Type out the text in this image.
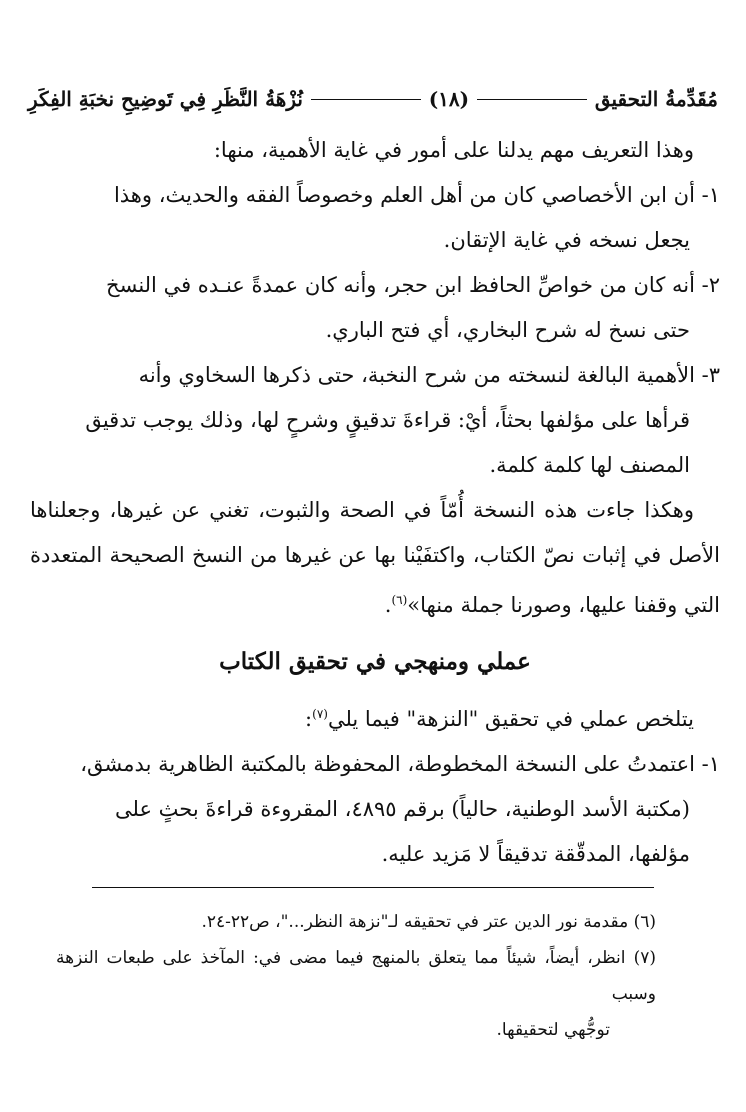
مُقَدِّمةُ التحقيق
(١٨)
نُزْهَةُ النَّظَرِ فِي تَوضِيحِ نخبَةِ الفِكَرِ

وهذا التعريف مهم يدلنا على أمور في غاية الأهمية، منها:

١- أن ابن الأخصاصي كان من أهل العلم وخصوصاً الفقه والحديث، وهذا

يجعل نسخه في غاية الإتقان.

٢- أنه كان من خواصِّ الحافظ ابن حجر، وأنه كان عمدةً عنـده في النسخ

حتى نسخ له شرح البخاري، أي فتح الباري.

٣- الأهمية البالغة لنسخته من شرح النخبة، حتى ذكرها السخاوي وأنه

قرأها على مؤلفها بحثاً، أيْ: قراءةَ تدقيقٍ وشرحٍ لها، وذلك يوجب تدقيق

المصنف لها كلمة كلمة.

وهكذا جاءت هذه النسخة أُمّاً في الصحة والثبوت، تغني عن غيرها، وجعلناها الأصل في إثبات نصّ الكتاب، واكتفَيْنا بها عن غيرها من النسخ الصحيحة المتعددة التي وقفنا عليها، وصورنا جملة منها»$^{(٦)}$.

عملي ومنهجي في تحقيق الكتاب

يتلخص عملي في تحقيق "النزهة" فيما يلي$^{(٧)}$:

١- اعتمدتُ على النسخة المخطوطة، المحفوظة بالمكتبة الظاهرية بدمشق،

(مكتبة الأسد الوطنية، حالياً) برقم ٤٨٩٥، المقروءة قراءةَ بحثٍ على

مؤلفها، المدقّقة تدقيقاً لا مَزيد عليه.

(٦) مقدمة نور الدين عتر في تحقيقه لـ"نزهة النظر..."، ص٢٢-٢٤.

(٧) انظر، أيضاً، شيئاً مما يتعلق بالمنهج فيما مضى في: المآخذ على طبعات النزهة وسبب

توجُّهي لتحقيقها.
